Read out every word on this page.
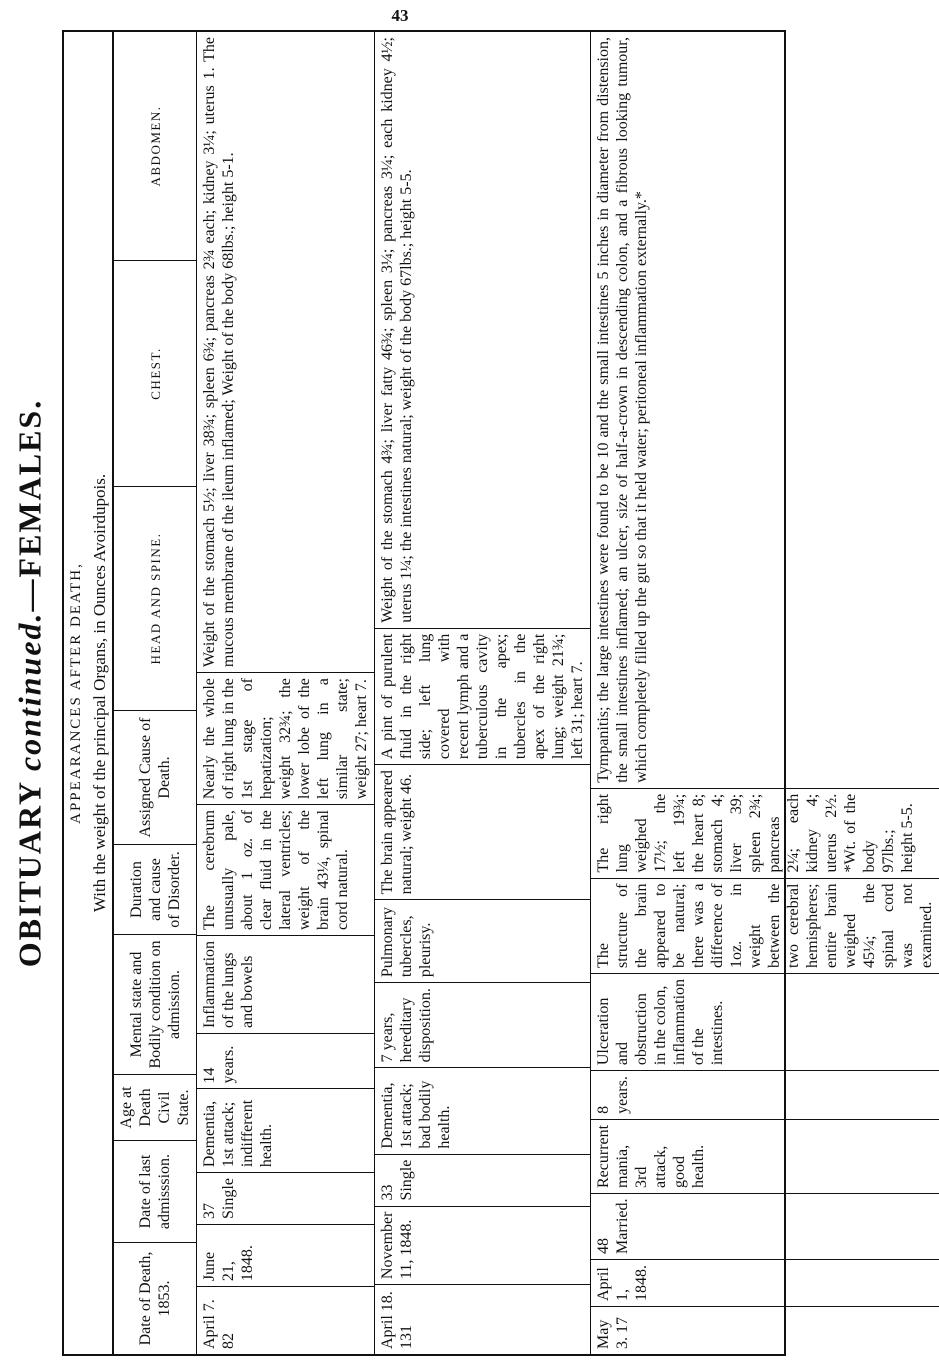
43
OBITUARY continued.—FEMALES.
APPEARANCES AFTER DEATH, With the weight of the principal Organs, in Ounces Avoirdupois.
Date of Death, 1853.
Date of last admisssion.
Age at Death Civil State.
Mental state and Bodily condition on admission.
Duration and cause of Disorder.
Assigned Cause of Death.
HEAD AND SPINE.
CHEST.
ABDOMEN.
April 7. 82
June 21, 1848.
37 Single
Dementia, 1st attack; indifferent health.
14 years.
Inflammation of the lungs and bowels
The cerebrum unusually pale, about 1 oz. of clear fluid in the lateral ventricles; weight of the brain 43¼, spinal cord natural.
Nearly the whole of right lung in the 1st stage of hepatization; weight 32¾; the lower lobe of the left lung in a similar state; weight 27; heart 7.
Weight of the stomach 5½; liver 38¾; spleen 6¾; pancreas 2¾ each; kidney 3¼; uterus 1. The mucous membrane of the ileum inflamed; Weight of the body 68lbs.; height 5-1.
April 18. 131
November 11, 1848.
33 Single
Dementia, 1st attack; bad bodily health.
7 years, hereditary disposition.
Pulmonary tubercles, pleurisy.
The brain appeared natural; weight 46.
A pint of purulent fluid in the right side; left lung covered with recent lymph and a tuberculous cavity in the apex; tubercles in the apex of the right lung; weight 21¾; left 31; heart 7.
Weight of the stomach 4¾; liver fatty 46¾; spleen 3¼; pancreas 3¼; each kidney 4½; uterus 1¼; the intestines natural; weight of the body 67lbs.; height 5-5.
May 3. 17
April 1, 1848.
48 Married.
Recurrent mania, 3rd attack, good health.
8 years.
Ulceration and obstruction in the colon, inflammation of the intestines.
The structure of the brain appeared to be natural; there was a difference of 1oz. in weight between the two cerebral hemispheres; entire brain weighed 45¼; the spinal cord was not examined.
The right lung weighed 17½; the left 19¾; the heart 8; stomach 4; liver 39; spleen 2¾; pancreas 2¼; each kidney 4; uterus 2½. *Wt. of the body 97lbs.; height 5-5.
Tympanitis; the large intestines were found to be 10 and the small intestines 5 inches in diameter from distension, the small intestines inflamed; an ulcer, size of half-a-crown in descending colon, and a fibrous looking tumour, which completely filled up the gut so that it held water; peritoneal inflammation externally.*
